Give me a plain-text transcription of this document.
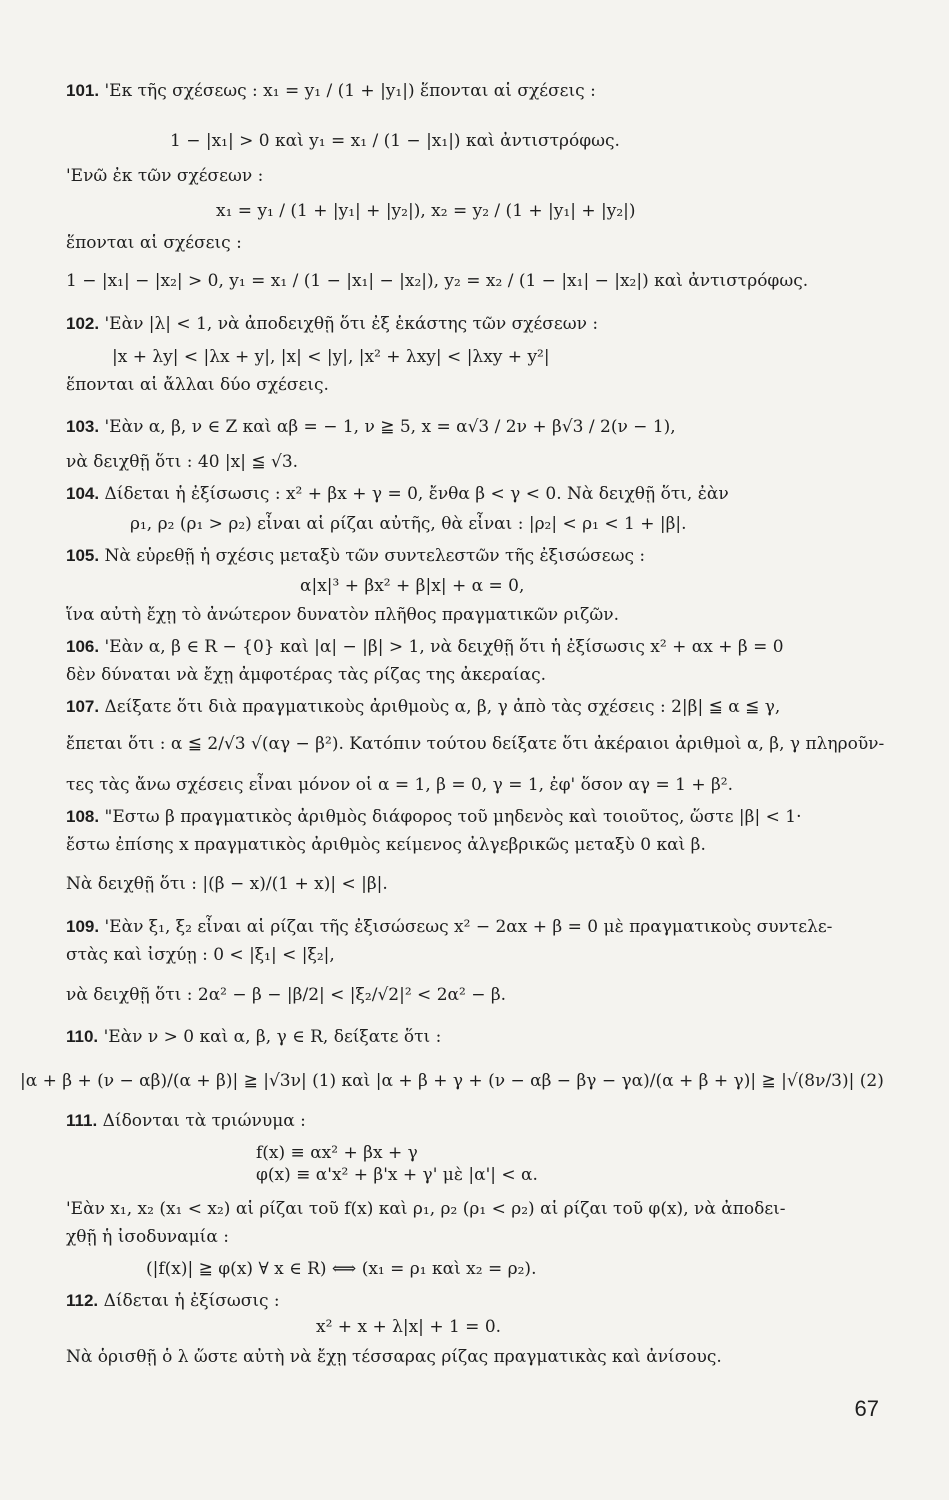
101. 'Εκ τῆς σχέσεως : x₁ = y₁ / (1 + |y₁|) ἕπονται αἱ σχέσεις :
1 − |x₁| > 0 καὶ y₁ = x₁ / (1 − |x₁|) καὶ ἀντιστρόφως.
'Ενῶ ἐκ τῶν σχέσεων :
x₁ = y₁ / (1 + |y₁| + |y₂|), x₂ = y₂ / (1 + |y₁| + |y₂|)
ἕπονται αἱ σχέσεις :
1 − |x₁| − |x₂| > 0, y₁ = x₁ / (1 − |x₁| − |x₂|), y₂ = x₂ / (1 − |x₁| − |x₂|) καὶ ἀντιστρόφως.
102. 'Εὰν |λ| < 1, νὰ ἀποδειχθῇ ὅτι ἐξ ἑκάστης τῶν σχέσεων :
|x + λy| < |λx + y|, |x| < |y|, |x² + λxy| < |λxy + y²|
ἕπονται αἱ ἄλλαι δύο σχέσεις.
103. 'Εὰν α, β, ν ∈ Z καὶ αβ = − 1, ν ≧ 5, x = α√3 / 2ν + β√3 / 2(ν − 1),
νὰ δειχθῇ ὅτι : 40 |x| ≦ √3.
104. Δίδεται ἡ ἐξίσωσις : x² + βx + γ = 0, ἔνθα β < γ < 0. Νὰ δειχθῇ ὅτι, ἐὰν
ρ₁, ρ₂ (ρ₁ > ρ₂) εἶναι αἱ ρίζαι αὐτῆς, θὰ εἶναι : |ρ₂| < ρ₁ < 1 + |β|.
105. Νὰ εὑρεθῇ ἡ σχέσις μεταξὺ τῶν συντελεστῶν τῆς ἐξισώσεως :
α|x|³ + βx² + β|x| + α = 0,
ἵνα αὐτὴ ἔχῃ τὸ ἀνώτερον δυνατὸν πλῆθος πραγματικῶν ριζῶν.
106. 'Εὰν α, β ∈ R − {0} καὶ |α| − |β| > 1, νὰ δειχθῇ ὅτι ἡ ἐξίσωσις x² + αx + β = 0
δὲν δύναται νὰ ἔχῃ ἀμφοτέρας τὰς ρίζας της ἀκεραίας.
107. Δείξατε ὅτι διὰ πραγματικοὺς ἀριθμοὺς α, β, γ ἀπὸ τὰς σχέσεις : 2|β| ≦ α ≦ γ,
ἔπεται ὅτι : α ≦ 2/√3 √(αγ − β²). Κατόπιν τούτου δείξατε ὅτι ἀκέραιοι ἀριθμοὶ α, β, γ πληροῦν-
τες τὰς ἄνω σχέσεις εἶναι μόνον οἱ α = 1, β = 0, γ = 1, ἐφ' ὅσον αγ = 1 + β².
108. "Εστω β πραγματικὸς ἀριθμὸς διάφορος τοῦ μηδενὸς καὶ τοιοῦτος, ὥστε |β| < 1·
ἔστω ἐπίσης x πραγματικὸς ἀριθμὸς κείμενος ἀλγεβρικῶς μεταξὺ 0 καὶ β.
Νὰ δειχθῇ ὅτι : |(β − x)/(1 + x)| < |β|.
109. 'Εὰν ξ₁, ξ₂ εἶναι αἱ ρίζαι τῆς ἐξισώσεως x² − 2αx + β = 0 μὲ πραγματικοὺς συντελε-
στὰς καὶ ἰσχύῃ : 0 < |ξ₁| < |ξ₂|,
νὰ δειχθῇ ὅτι : 2α² − β − |β/2| < |ξ₂/√2|² < 2α² − β.
110. 'Εὰν ν > 0 καὶ α, β, γ ∈ R, δείξατε ὅτι :
|α + β + (ν − αβ)/(α + β)| ≧ |√3ν| (1) καὶ |α + β + γ + (ν − αβ − βγ − γα)/(α + β + γ)| ≧ |√(8ν/3)| (2)
111. Δίδονται τὰ τριώνυμα :
f(x) ≡ αx² + βx + γ
φ(x) ≡ α'x² + β'x + γ' μὲ |α'| < α.
'Εὰν x₁, x₂ (x₁ < x₂) αἱ ρίζαι τοῦ f(x) καὶ ρ₁, ρ₂ (ρ₁ < ρ₂) αἱ ρίζαι τοῦ φ(x), νὰ ἀποδει-
χθῇ ἡ ἰσοδυναμία :
(|f(x)| ≧ φ(x) ∀ x ∈ R) ⟺ (x₁ = ρ₁ καὶ x₂ = ρ₂).
112. Δίδεται ἡ ἐξίσωσις :
x² + x + λ|x| + 1 = 0.
Νὰ ὁρισθῇ ὁ λ ὥστε αὐτὴ νὰ ἔχῃ τέσσαρας ρίζας πραγματικὰς καὶ ἀνίσους.
67
